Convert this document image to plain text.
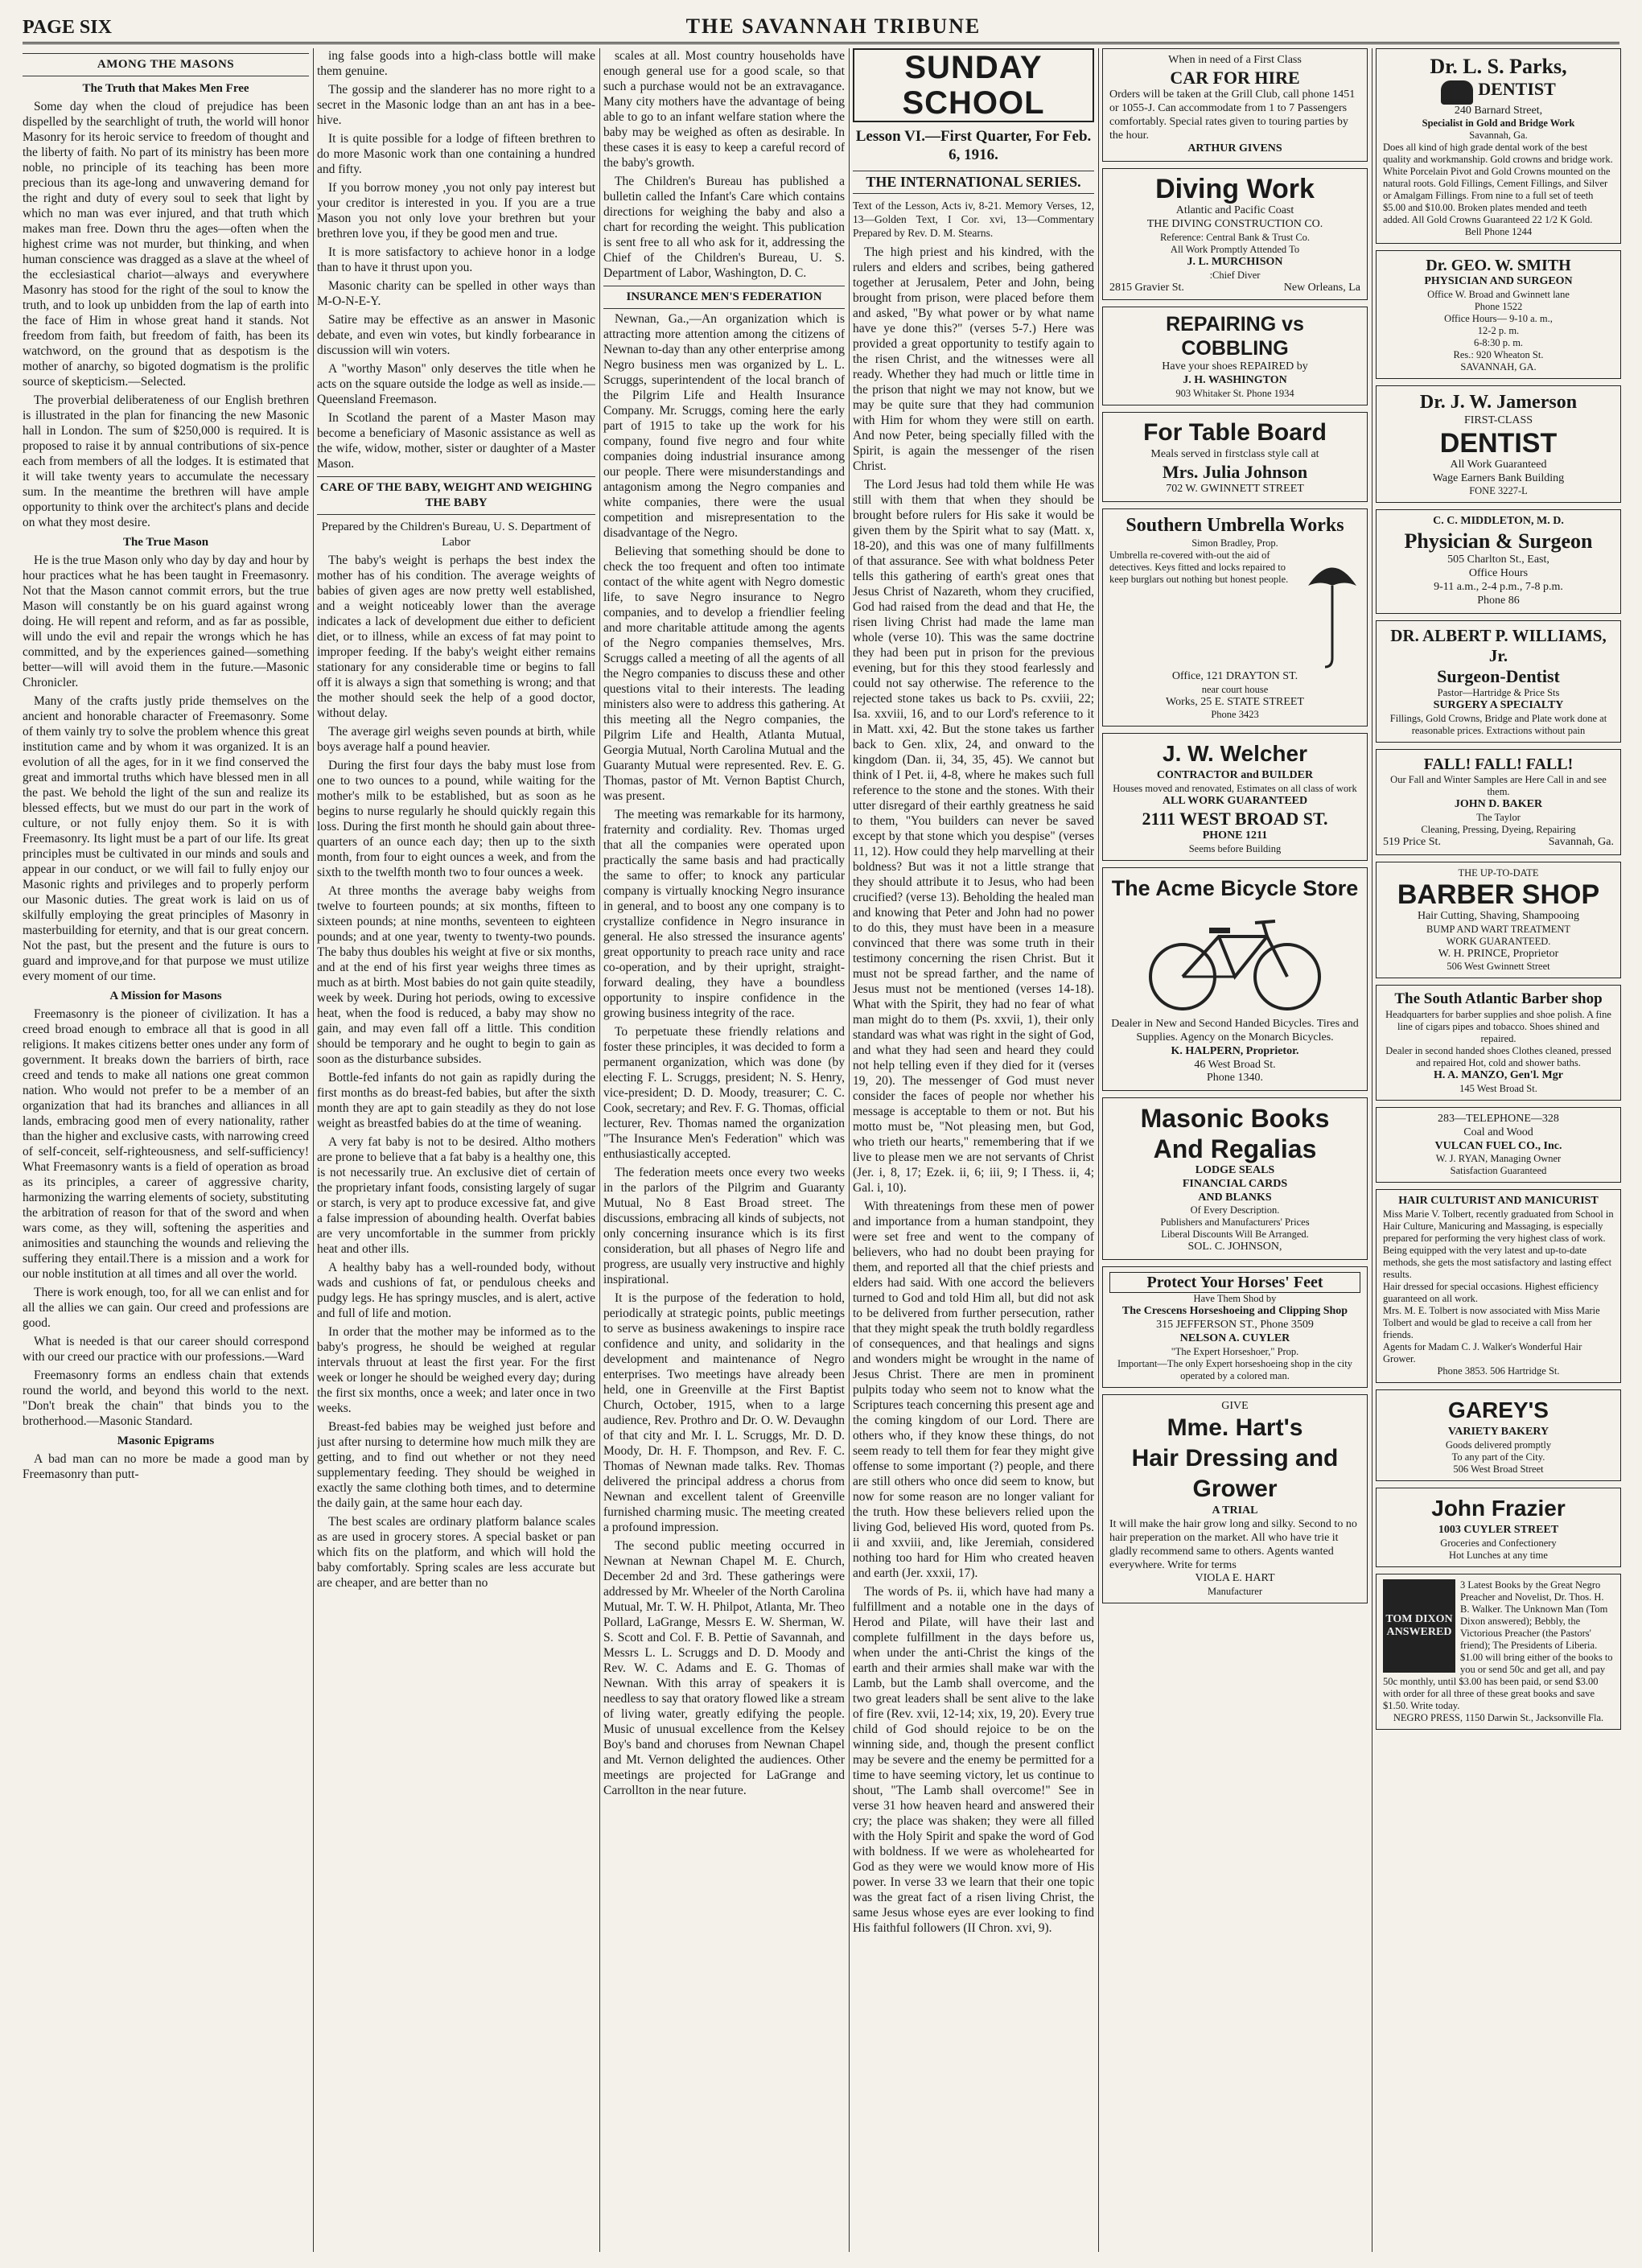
PAGE SIX	THE SAVANNAH TRIBUNE
AMONG THE MASONS
The Truth that Makes Men Free

Some day when the cloud of prejudice has been dispelled by the searchlight of truth, the world will honor Masonry for its heroic service to freedom of thought and the liberty of faith. No part of its ministry has been more noble, no principle of its teaching has been more precious than its age-long and unwavering demand for the right and duty of every soul to seek that light by which no man was ever injured, and that truth which makes man free. Down thru the ages—often when the highest crime was not murder, but thinking, and when human conscience was dragged as a slave at the wheel of the ecclesiastical chariot—always and everywhere Masonry has stood for the right of the soul to know the truth, and to look up unbidden from the lap of earth into the face of Him in whose great hand it stands. Not freedom from faith, but freedom of faith, has been its watchword, on the ground that as despotism is the mother of anarchy, so bigoted dogmatism is the prolific source of skepticism.—Selected.

The proverbial deliberateness of our English brethren is illustrated in the plan for financing the new Masonic hall in London. The sum of $250,000 is required. It is proposed to raise it by annual contributions of six-pence each from members of all the lodges. It is estimated that it will take twenty years to accumulate the necessary sum. In the meantime the brethren will have ample opportunity to think over the architect's plans and decide on what they most desire.

The True Mason

He is the true Mason only who day by day and hour by hour practices what he has been taught in Freemasonry. Not that the Mason cannot commit errors, but the true Mason will constantly be on his guard against wrong doing. He will repent and reform, and as far as possible, will undo the evil and repair the wrongs which he has committed, and by the experiences gained—something better—will will avoid them in the future.—Masonic Chronicler.

Many of the crafts justly pride themselves on the ancient and honorable character of Freemasonry. Some of them vainly try to solve the problem whence this great institution came and by whom it was organized. It is an evolution of all the ages, for in it we find conserved the great and immortal truths which have blessed men in all the past. We behold the light of the sun and realize its blessed effects, but we must do our part in the work of culture, or not fully enjoy them. So it is with Freemasonry. Its light must be a part of our life. Its great principles must be cultivated in our minds and souls and appear in our conduct, or we will fail to fully enjoy our Masonic rights and privileges and to properly perform our Masonic duties. The great work is laid on us of skilfully employing the great principles of Masonry in masterbuilding for eternity, and that is our great concern. Not the past, but the present and the future is ours to guard and improve,and for that purpose we must utilize every moment of our time.

A Mission for Masons

Freemasonry is the pioneer of civilization. It has a creed broad enough to embrace all that is good in all religions. It makes citizens better ones under any form of government. It breaks down the barriers of birth, race creed and tends to make all nations one great common nation. Who would not prefer to be a member of an organization that had its branches and alliances in all lands, embracing good men of every nationality, rather than the higher and exclusive casts, with narrowing creed of self-conceit, self-righteousness, and self-sufficiency! What Freemasonry wants is a field of operation as broad as its principles, a career of aggressive charity, harmonizing the warring elements of society, substituting the arbitration of reason for that of the sword and when wars come, as they will, softening the asperities and animosities and staunching the wounds and relieving the suffering they entail.There is a mission and a work for our noble institution at all times and all over the world.

There is work enough, too, for all we can enlist and for all the allies we can gain. Our creed and professions are good.

What is needed is that our career should correspond with our creed our practice with our professions.—Ward

Freemasonry forms an endless chain that extends round the world, and beyond this world to the next. "Don't break the chain" that binds you to the brotherhood.—Masonic Standard.

Masonic Epigrams

A bad man can no more be made a good man by Freemasonry than putt-

ing false goods into a high-class bottle will make them genuine.

The gossip and the slanderer has no more right to a secret in the Masonic lodge than an ant has in a bee-hive.

It is quite possible for a lodge of fifteen brethren to do more Masonic work than one containing a hundred and fifty.

If you borrow money ,you not only pay interest but your creditor is interested in you. If you are a true Mason you not only love your brethren but your brethren love you, if they be good men and true.

It is more satisfactory to achieve honor in a lodge than to have it thrust upon you.

Masonic charity can be spelled in other ways than M-O-N-E-Y.

Satire may be effective as an answer in Masonic debate, and even win votes, but kindly forbearance in discussion will win voters.

A "worthy Mason" only deserves the title when he acts on the square outside the lodge as well as inside.—Queensland Freemason.

In Scotland the parent of a Master Mason may become a beneficiary of Masonic assistance as well as the wife, widow, mother, sister or daughter of a Master Mason.

CARE OF THE BABY, WEIGHT AND WEIGHING THE BABY
Prepared by the Children's Bureau, U. S. Department of Labor

The baby's weight is perhaps the best index the mother has of his condition. The average weights of babies of given ages are now pretty well established, and a weight noticeably lower than the average indicates a lack of development due either to deficient diet, or to illness, while an excess of fat may point to improper feeding. If the baby's weight either remains stationary for any considerable time or begins to fall off it is always a sign that something is wrong; and that the mother should seek the help of a good doctor, without delay.

The average girl weighs seven pounds at birth, while boys average half a pound heavier.

During the first four days the baby must lose from one to two ounces to a pound, while waiting for the mother's milk to be established, but as soon as he begins to nurse regularly he should quickly regain this loss. During the first month he should gain about three-quarters of an ounce each day; then up to the sixth month, from four to eight ounces a week, and from the sixth to the twelfth month two to four ounces a week.

At three months the average baby weighs from twelve to fourteen pounds; at six months, fifteen to sixteen pounds; at nine months, seventeen to eighteen pounds; and at one year, twenty to twenty-two pounds. The baby thus doubles his weight at five or six months, and at the end of his first year weighs three times as much as at birth. Most babies do not gain quite steadily, week by week. During hot periods, owing to excessive heat, when the food is reduced, a baby may show no gain, and may even fall off a little. This condition should be temporary and he ought to begin to gain as soon as the disturbance subsides.

Bottle-fed infants do not gain as rapidly during the first months as do breast-fed babies, but after the sixth month they are apt to gain steadily as they do not lose weight as breastfed babies do at the time of weaning.

A very fat baby is not to be desired. Altho mothers are prone to believe that a fat baby is a healthy one, this is not necessarily true. An exclusive diet of certain of the proprietary infant foods, consisting largely of sugar or starch, is very apt to produce excessive fat, and give a false impression of abounding health. Overfat babies are very uncomfortable in the summer from prickly heat and other ills.

A healthy baby has a well-rounded body, without wads and cushions of fat, or pendulous cheeks and pudgy legs. He has springy muscles, and is alert, active and full of life and motion.

In order that the mother may be informed as to the baby's progress, he should be weighed at regular intervals thruout at least the first year. For the first week or longer he should be weighed every day; during the first six months, once a week; and later once in two weeks.

Breast-fed babies may be weighed just before and just after nursing to determine how much milk they are getting, and to find out whether or not they need supplementary feeding. They should be weighed in exactly the same clothing both times, and to determine the daily gain, at the same hour each day.

The best scales are ordinary platform balance scales as are used in grocery stores. A special basket or pan which fits on the platform, and which will hold the baby comfortably. Spring scales are less accurate but are cheaper, and are better than no

scales at all. Most country households have enough general use for a good scale, so that such a purchase would not be an extravagance. Many city mothers have the advantage of being able to go to an infant welfare station where the baby may be weighed as often as desirable. In these cases it is easy to keep a careful record of the baby's growth.

The Children's Bureau has published a bulletin called the Infant's Care which contains directions for weighing the baby and also a chart for recording the weight. This publication is sent free to all who ask for it, addressing the Chief of the Children's Bureau, U. S. Department of Labor, Washington, D. C.

INSURANCE MEN'S FEDERATION

Newnan, Ga.,—An organization which is attracting more attention among the citizens of Newnan to-day than any other enterprise among Negro business men was organized by L. L. Scruggs, superintendent of the local branch of the Pilgrim Life and Health Insurance Company. Mr. Scruggs, coming here the early part of 1915 to take up the work for his company, found five negro and four white companies doing industrial insurance among our people. There were misunderstandings and antagonism among the Negro companies and white companies, there were the usual competition and misrepresentation to the disadvantage of the Negro.

Believing that something should be done to check the too frequent and often too intimate contact of the white agent with Negro domestic life, to save Negro insurance to Negro companies, and to develop a friendlier feeling and more charitable attitude among the agents of the Negro companies themselves, Mrs. Scruggs called a meeting of all the agents of all the Negro companies to discuss these and other questions vital to their interests. The leading ministers also were to address this gathering. At this meeting all the Negro companies, the Pilgrim Life and Health, Atlanta Mutual, Georgia Mutual, North Carolina Mutual and the Guaranty Mutual were represented. Rev. E. G. Thomas, pastor of Mt. Vernon Baptist Church, was present.

The meeting was remarkable for its harmony, fraternity and cordiality. Rev. Thomas urged that all the companies were operated upon practically the same basis and had practically the same to offer; to knock any particular company is virtually knocking Negro insurance in general, and to boost any one company is to crystallize confidence in Negro insurance in general. He also stressed the insurance agents' great opportunity to preach race unity and race co-operation, and by their upright, straight-forward dealing, they have a boundless opportunity to inspire confidence in the growing business integrity of the race.

To perpetuate these friendly relations and foster these principles, it was decided to form a permanent organization, which was done (by electing F. L. Scruggs, president; N. S. Henry, vice-president; D. D. Moody, treasurer; C. C. Cook, secretary; and Rev. F. G. Thomas, official lecturer, Rev. Thomas named the organization "The Insurance Men's Federation" which was enthusiastically accepted.

The federation meets once every two weeks in the parlors of the Pilgrim and Guaranty Mutual, No 8 East Broad street. The discussions, embracing all kinds of subjects, not only concerning insurance which is its first consideration, but all phases of Negro life and progress, are usually very instructive and highly inspirational.

It is the purpose of the federation to hold, periodically at strategic points, public meetings to serve as business awakenings to inspire race confidence and unity, and solidarity in the development and maintenance of Negro enterprises. Two meetings have already been held, one in Greenville at the First Baptist Church, October, 1915, when to a large audience, Rev. Prothro and Dr. O. W. Devaughn of that city and Mr. I. L. Scruggs, Mr. D. D. Moody, Dr. H. F. Thompson, and Rev. F. C. Thomas of Newnan made talks. Rev. Thomas delivered the principal address a chorus from Newnan and excellent talent of Greenville furnished charming music. The meeting created a profound impression.

The second public meeting occurred in Newnan at Newnan Chapel M. E. Church, December 2d and 3rd. These gatherings were addressed by Mr. Wheeler of the North Carolina Mutual, Mr. T. W. H. Philpot, Atlanta, Mr. Theo Pollard, LaGrange, Messrs E. W. Sherman, W. S. Scott and Col. F. B. Pettie of Savannah, and Messrs L. L. Scruggs and D. D. Moody and Rev. W. C. Adams and E. G. Thomas of Newnan. With this array of speakers it is needless to say that oratory flowed like a stream of living water, greatly edifying the people. Music of unusual excellence from the Kelsey Boy's band and choruses from Newnan Chapel and Mt. Vernon delighted the audiences. Other meetings are projected for LaGrange and Carrollton in the near future.

SUNDAY SCHOOL
Lesson VI.—First Quarter, For Feb. 6, 1916.
THE INTERNATIONAL SERIES.
Text of the Lesson, Acts iv, 8-21. Memory Verses, 12, 13—Golden Text, I Cor. xvi, 13—Commentary Prepared by Rev. D. M. Stearns.

The high priest and his kindred, with the rulers and elders and scribes, being gathered together at Jerusalem, Peter and John, being brought from prison, were placed before them and asked, "By what power or by what name have ye done this?" (verses 5-7.) Here was provided a great opportunity to testify again to the risen Christ, and the witnesses were all ready. Whether they had much or little time in the prison that night we may not know, but we may be quite sure that they had communion with Him for whom they were still on earth. And now Peter, being specially filled with the Spirit, is again the messenger of the risen Christ.

The Lord Jesus had told them while He was still with them that when they should be brought before rulers for His sake it would be given them by the Spirit what to say (Matt. x, 18-20), and this was one of many fulfillments of that assurance. See with what boldness Peter tells this gathering of earth's great ones that Jesus Christ of Nazareth, whom they crucified, God had raised from the dead and that He, the risen living Christ had made the lame man whole (verse 10). This was the same doctrine they had been put in prison for the previous evening, but for this they stood fearlessly and could not say otherwise. The reference to the rejected stone takes us back to Ps. cxviii, 22; Isa. xxviii, 16, and to our Lord's reference to it in Matt. xxi, 42. But the stone takes us farther back to Gen. xlix, 24, and onward to the kingdom (Dan. ii, 34, 35, 45). We cannot but think of I Pet. ii, 4-8, where he makes such full reference to the stone and the stones. With their utter disregard of their earthly greatness he said to them, "You builders can never be saved except by that stone which you despise" (verses 11, 12). How could they help marvelling at their boldness? But was it not a little strange that they should attribute it to Jesus, who had been crucified? (verse 13). Beholding the healed man and knowing that Peter and John had no power to do this, they must have been in a measure convinced that there was some truth in their testimony concerning the risen Christ. But it must not be spread farther, and the name of Jesus must not be mentioned (verses 14-18). What with the Spirit, they had no fear of what man might do to them (Ps. xxvii, 1), their only standard was what was right in the sight of God, and what they had seen and heard they could not help telling even if they died for it (verses 19, 20). The messenger of God must never consider the faces of people nor whether his message is acceptable to them or not. But his motto must be, "Not pleasing men, but God, who trieth our hearts," remembering that if we live to please men we are not servants of Christ (Jer. i, 8, 17; Ezek. ii, 6; iii, 9; I Thess. ii, 4; Gal. i, 10).

With threatenings from these men of power and importance from a human standpoint, they were set free and went to the company of believers, who had no doubt been praying for them, and reported all that the chief priests and elders had said. With one accord the believers turned to God and told Him all, but did not ask to be delivered from further persecution, rather that they might speak the truth boldly regardless of consequences, and that healings and signs and wonders might be wrought in the name of Jesus Christ. There are men in prominent pulpits today who seem not to know what the Scriptures teach concerning this present age and the coming kingdom of our Lord. There are others who, if they know these things, do not seem ready to tell them for fear they might give offense to some important (?) people, and there are still others who once did seem to know, but now for some reason are no longer valiant for the truth. How these believers relied upon the living God, believed His word, quoted from Ps. ii and xxviii, and, like Jeremiah, considered nothing too hard for Him who created heaven and earth (Jer. xxxii, 17).

The words of Ps. ii, which have had many a fulfillment and a notable one in the days of Herod and Pilate, will have their last and complete fulfillment in the days before us, when under the anti-Christ the kings of the earth and their armies shall make war with the Lamb, but the Lamb shall overcome, and the two great leaders shall be sent alive to the lake of fire (Rev. xvii, 12-14; xix, 19, 20). Every true child of God should rejoice to be on the winning side, and, though the present conflict may be severe and the enemy be permitted for a time to have seeming victory, let us continue to shout, "The Lamb shall overcome!" See in verse 31 how heaven heard and answered their cry; the place was shaken; they were all filled with the Holy Spirit and spake the word of God with boldness. If we were as wholehearted for God as they were we would know more of His power. In verse 33 we learn that their one topic was the great fact of a risen living Christ, the same Jesus whose eyes are ever looking to find His faithful followers (II Chron. xvi, 9).

When in need of a First Class
CAR FOR HIRE
Orders will be taken at the Grill Club, call phone 1451 or 1055-J. Can accommodate from 1 to 7 Passengers comfortably. Special rates given to touring parties by the hour.
ARTHUR GIVENS
Diving Work
Atlantic and Pacific Coast
THE DIVING CONSTRUCTION CO.
Reference: Central Bank & Trust Co.
All Work Promptly Attended To
J. L. MURCHISON
:Chief Diver
2815 Gravier St.	New Orleans, La
REPAIRING vs COBBLING
Have your shoes REPAIRED by
J. H. WASHINGTON
903 Whitaker St. Phone 1934
For Table Board
Meals served in firstclass style call at
Mrs. Julia Johnson
702 W. GWINNETT STREET
Southern Umbrella Works
Simon Bradley, Prop.
Umbrella re-covered with-out the aid of detectives. Keys fitted and locks repaired to keep burglars out nothing but honest people.
Office, 121 DRAYTON ST.
near court house
Works, 25 E. STATE STREET
Phone 3423
J. W. Welcher
CONTRACTOR and BUILDER
Houses moved and renovated, Estimates on all class of work
ALL WORK GUARANTEED
2111 WEST BROAD ST.
PHONE 1211
Seems before Building
The Acme Bicycle Store
Dealer in New and Second Handed Bicycles. Tires and Supplies. Agency on the Monarch Bicycles.
K. HALPERN, Proprietor.
46 West Broad St.
Phone 1340.
Masonic Books
And Regalias
LODGE SEALS
FINANCIAL CARDS
AND BLANKS
Of Every Description.
Publishers and Manufacturers' Prices
Liberal Discounts Will Be Arranged.
SOL. C. JOHNSON,
Protect Your Horses' Feet
Have Them Shod by
The Crescens Horseshoeing and Clipping Shop
315 JEFFERSON ST., Phone 3509
NELSON A. CUYLER
"The Expert Horseshoer," Prop.
Important—The only Expert horseshoeing shop in the city operated by a colored man.
GIVE
Mme. Hart's
Hair Dressing and
Grower
A TRIAL
It will make the hair grow long and silky. Second to no hair preperation on the market. All who have trie it gladly recommend same to others. Agents wanted everywhere. Write for terms
VIOLA E. HART
Manufacturer
Dr. L. S. Parks,
DENTIST
240 Barnard Street,
Specialist in Gold and Bridge Work
Savannah, Ga.
Does all kind of high grade dental work of the best quality and workmanship. Gold crowns and bridge work. White Porcelain Pivot and Gold Crowns mounted on the natural roots. Gold Fillings, Cement Fillings, and Silver or Amalgam Fillings. From nine to a full set of teeth $5.00 and $10.00. Broken plates mended and teeth added. All Gold Crowns Guaranteed 22 1/2 K Gold.
Bell Phone 1244
Dr. GEO. W. SMITH
PHYSICIAN AND SURGEON
Office W. Broad and Gwinnett lane
Phone 1522
Office Hours— 9-10 a. m.,
12-2 p. m.
6-8:30 p. m.
Res.: 920 Wheaton St.
SAVANNAH, GA.
Dr. J. W. Jamerson
FIRST-CLASS
DENTIST
All Work Guaranteed
Wage Earners Bank Building
FONE 3227-L
C. C. MIDDLETON, M. D.
Physician & Surgeon
505 Charlton St., East,
Office Hours
9-11 a.m., 2-4 p.m., 7-8 p.m.
Phone 86
DR. ALBERT P. WILLIAMS, Jr.
Surgeon-Dentist
Pastor—Hartridge & Price Sts
SURGERY A SPECIALTY
Fillings, Gold Crowns, Bridge and Plate work done at reasonable prices. Extractions without pain
FALL! FALL! FALL!
Our Fall and Winter Samples are Here Call in and see them.
JOHN D. BAKER
The Taylor
Cleaning, Pressing, Dyeing, Repairing
519 Price St.	Savannah, Ga.
THE UP-TO-DATE
BARBER SHOP
Hair Cutting, Shaving, Shampooing
BUMP AND WART TREATMENT
WORK GUARANTEED.
W. H. PRINCE, Proprietor
506 West Gwinnett Street
The South Atlantic Barber shop
Headquarters for barber supplies and shoe polish. A fine line of cigars pipes and tobacco. Shoes shined and repaired.
Dealer in second handed shoes Clothes cleaned, pressed and repaired Hot, cold and shower baths.
H. A. MANZO, Gen'l. Mgr
145 West Broad St.
283—TELEPHONE—328
Coal and Wood
VULCAN FUEL CO., Inc.
W. J. RYAN, Managing Owner
Satisfaction Guaranteed
HAIR CULTURIST AND MANICURIST
Miss Marie V. Tolbert, recently graduated from School in Hair Culture, Manicuring and Massaging, is especially prepared for performing the very highest class of work. Being equipped with the very latest and up-to-date methods, she gets the most satisfactory and lasting effect results.
Hair dressed for special occasions. Highest efficiency guaranteed on all work.
Mrs. M. E. Tolbert is now associated with Miss Marie Tolbert and would be glad to receive a call from her friends.
Agents for Madam C. J. Walker's Wonderful Hair Grower.
Phone 3853. 506 Hartridge St.
GAREY'S
VARIETY BAKERY
Goods delivered promptly
To any part of the City.
506 West Broad Street
John Frazier
1003 CUYLER STREET
Groceries and Confectionery
Hot Lunches at any time
TOM DIXON ANSWERED
3 Latest Books by the Great Negro Preacher and Novelist, Dr. Thos. H. B. Walker. The Unknown Man (Tom Dixon answered); Bebbly, the Victorious Preacher (the Pastors' friend); The Presidents of Liberia. $1.00 will bring either of the books to you or send 50c and get all, and pay 50c monthly, until $3.00 has been paid, or send $3.00 with order for all three of these great books and save $1.50. Write today.
NEGRO PRESS, 1150 Darwin St., Jacksonville Fla.
